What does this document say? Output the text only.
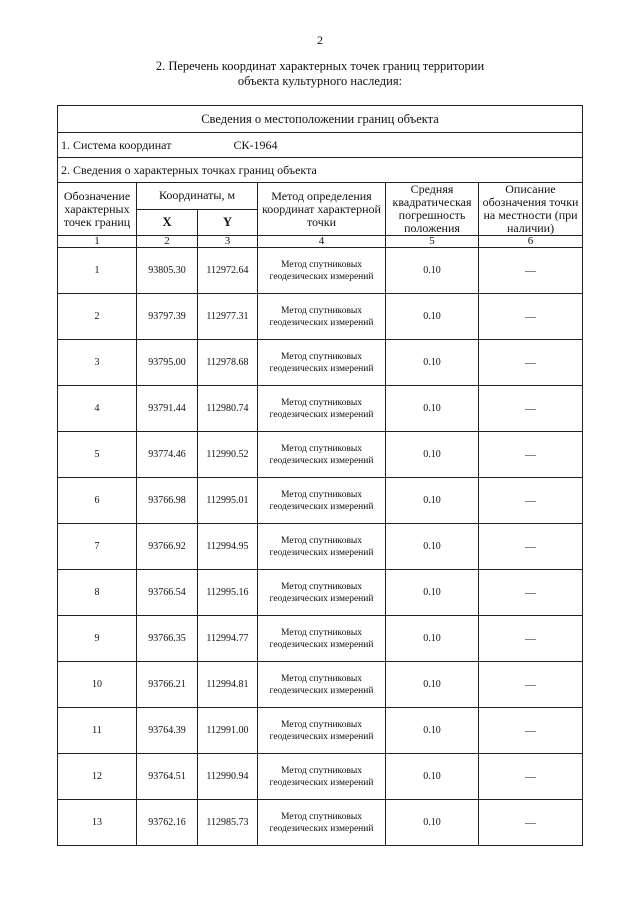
2
2. Перечень координат характерных точек границ территории
объекта культурного наследия:
Сведения о местоположении границ объекта					
1. Система координат СК-1964					
2. Сведения о характерных точках границ объекта					
Обозначение характерных точек границ	Координаты, м		Метод определения координат характерной точки	Средняя квадратическая погрешность положения	Описание обозначения точки на местности (при наличии)
	X	Y			
1	2	3	4	5	6
1	93805.30	112972.64	Метод спутниковых геодезических измерений	0.10	—
2	93797.39	112977.31	Метод спутниковых геодезических измерений	0.10	—
3	93795.00	112978.68	Метод спутниковых геодезических измерений	0.10	—
4	93791.44	112980.74	Метод спутниковых геодезических измерений	0.10	—
5	93774.46	112990.52	Метод спутниковых геодезических измерений	0.10	—
6	93766.98	112995.01	Метод спутниковых геодезических измерений	0.10	—
7	93766.92	112994.95	Метод спутниковых геодезических измерений	0.10	—
8	93766.54	112995.16	Метод спутниковых геодезических измерений	0.10	—
9	93766.35	112994.77	Метод спутниковых геодезических измерений	0.10	—
10	93766.21	112994.81	Метод спутниковых геодезических измерений	0.10	—
11	93764.39	112991.00	Метод спутниковых геодезических измерений	0.10	—
12	93764.51	112990.94	Метод спутниковых геодезических измерений	0.10	—
13	93762.16	112985.73	Метод спутниковых геодезических измерений	0.10	—
